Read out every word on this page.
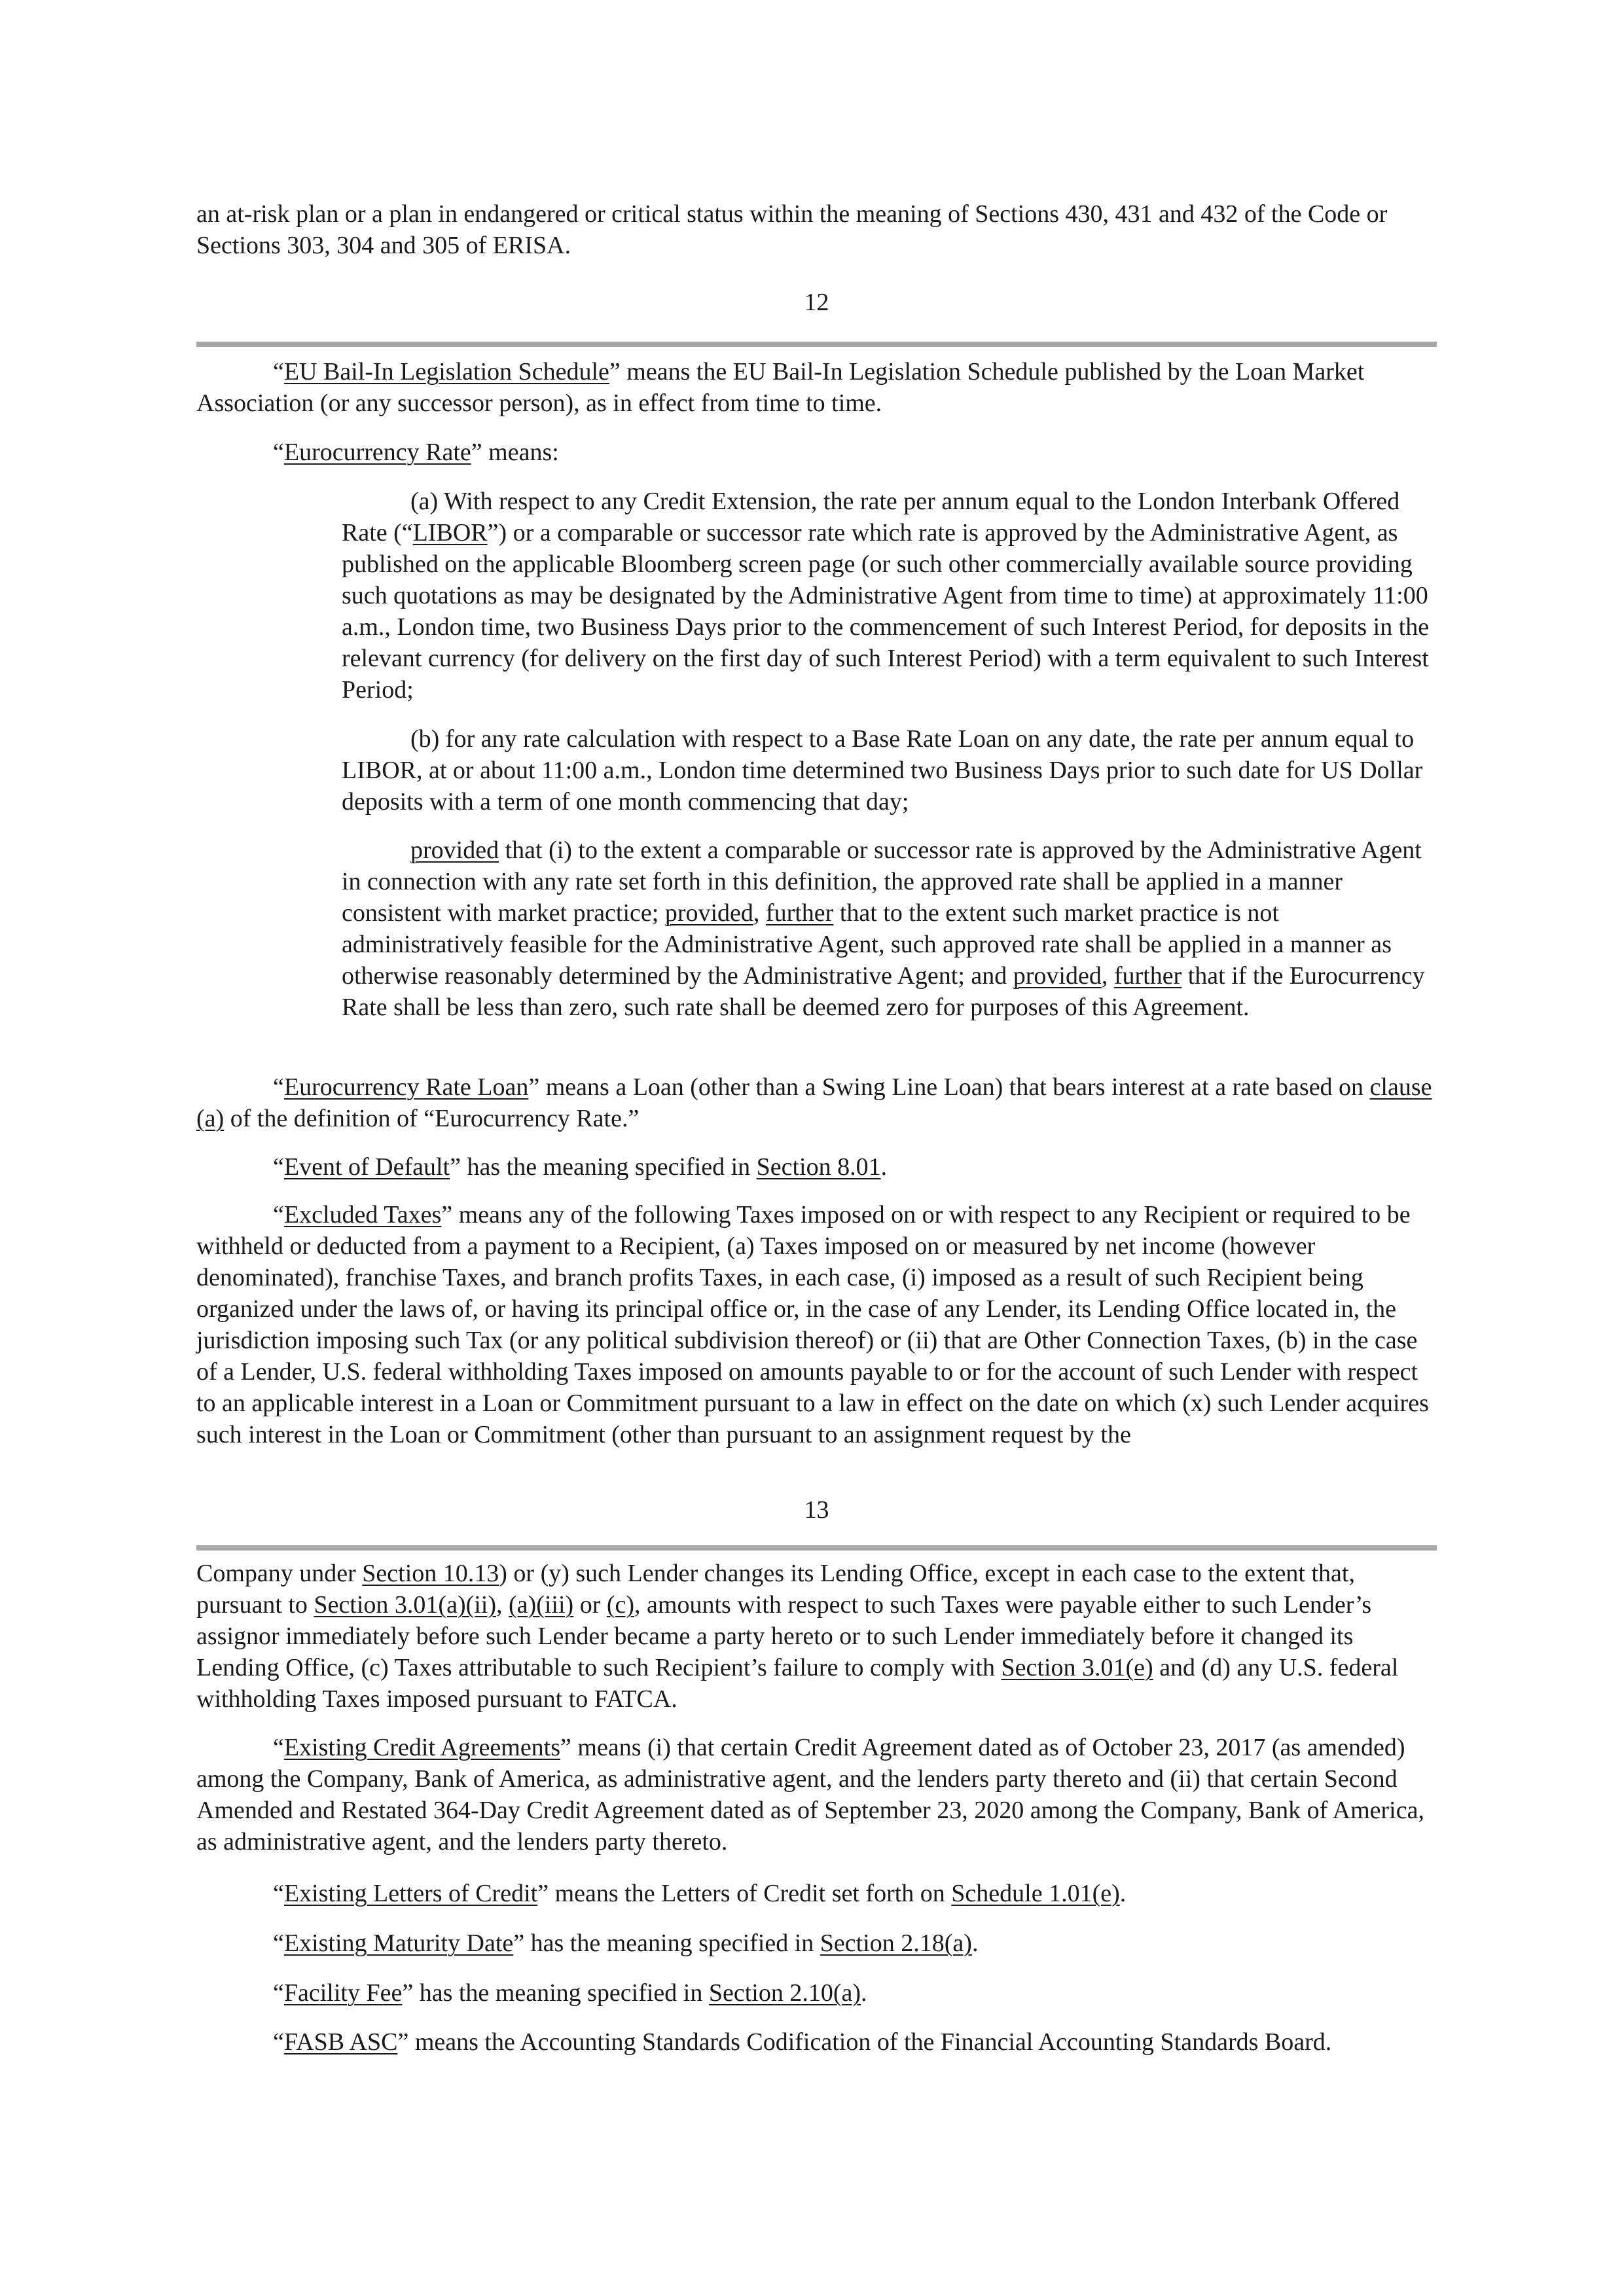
an at-risk plan or a plan in endangered or critical status within the meaning of Sections 430, 431 and 432 of the Code or Sections 303, 304 and 305 of ERISA.

12

“EU Bail-In Legislation Schedule” means the EU Bail-In Legislation Schedule published by the Loan Market Association (or any successor person), as in effect from time to time.

“Eurocurrency Rate” means:

(a) With respect to any Credit Extension, the rate per annum equal to the London Interbank Offered Rate (“LIBOR”) or a comparable or successor rate which rate is approved by the Administrative Agent, as published on the applicable Bloomberg screen page (or such other commercially available source providing such quotations as may be designated by the Administrative Agent from time to time) at approximately 11:00 a.m., London time, two Business Days prior to the commencement of such Interest Period, for deposits in the relevant currency (for delivery on the first day of such Interest Period) with a term equivalent to such Interest Period;

(b) for any rate calculation with respect to a Base Rate Loan on any date, the rate per annum equal to LIBOR, at or about 11:00 a.m., London time determined two Business Days prior to such date for US Dollar deposits with a term of one month commencing that day;

provided that (i) to the extent a comparable or successor rate is approved by the Administrative Agent in connection with any rate set forth in this definition, the approved rate shall be applied in a manner consistent with market practice; provided, further that to the extent such market practice is not administratively feasible for the Administrative Agent, such approved rate shall be applied in a manner as otherwise reasonably determined by the Administrative Agent; and provided, further that if the Eurocurrency Rate shall be less than zero, such rate shall be deemed zero for purposes of this Agreement.

“Eurocurrency Rate Loan” means a Loan (other than a Swing Line Loan) that bears interest at a rate based on clause (a) of the definition of “Eurocurrency Rate.”

“Event of Default” has the meaning specified in Section 8.01.

“Excluded Taxes” means any of the following Taxes imposed on or with respect to any Recipient or required to be withheld or deducted from a payment to a Recipient, (a) Taxes imposed on or measured by net income (however denominated), franchise Taxes, and branch profits Taxes, in each case, (i) imposed as a result of such Recipient being organized under the laws of, or having its principal office or, in the case of any Lender, its Lending Office located in, the jurisdiction imposing such Tax (or any political subdivision thereof) or (ii) that are Other Connection Taxes, (b) in the case of a Lender, U.S. federal withholding Taxes imposed on amounts payable to or for the account of such Lender with respect to an applicable interest in a Loan or Commitment pursuant to a law in effect on the date on which (x) such Lender acquires such interest in the Loan or Commitment (other than pursuant to an assignment request by the

13

Company under Section 10.13) or (y) such Lender changes its Lending Office, except in each case to the extent that, pursuant to Section 3.01(a)(ii), (a)(iii) or (c), amounts with respect to such Taxes were payable either to such Lender’s assignor immediately before such Lender became a party hereto or to such Lender immediately before it changed its Lending Office, (c) Taxes attributable to such Recipient’s failure to comply with Section 3.01(e) and (d) any U.S. federal withholding Taxes imposed pursuant to FATCA.

“Existing Credit Agreements” means (i) that certain Credit Agreement dated as of October 23, 2017 (as amended) among the Company, Bank of America, as administrative agent, and the lenders party thereto and (ii) that certain Second Amended and Restated 364-Day Credit Agreement dated as of September 23, 2020 among the Company, Bank of America, as administrative agent, and the lenders party thereto.

“Existing Letters of Credit” means the Letters of Credit set forth on Schedule 1.01(e).

“Existing Maturity Date” has the meaning specified in Section 2.18(a).

“Facility Fee” has the meaning specified in Section 2.10(a).

“FASB ASC” means the Accounting Standards Codification of the Financial Accounting Standards Board.
